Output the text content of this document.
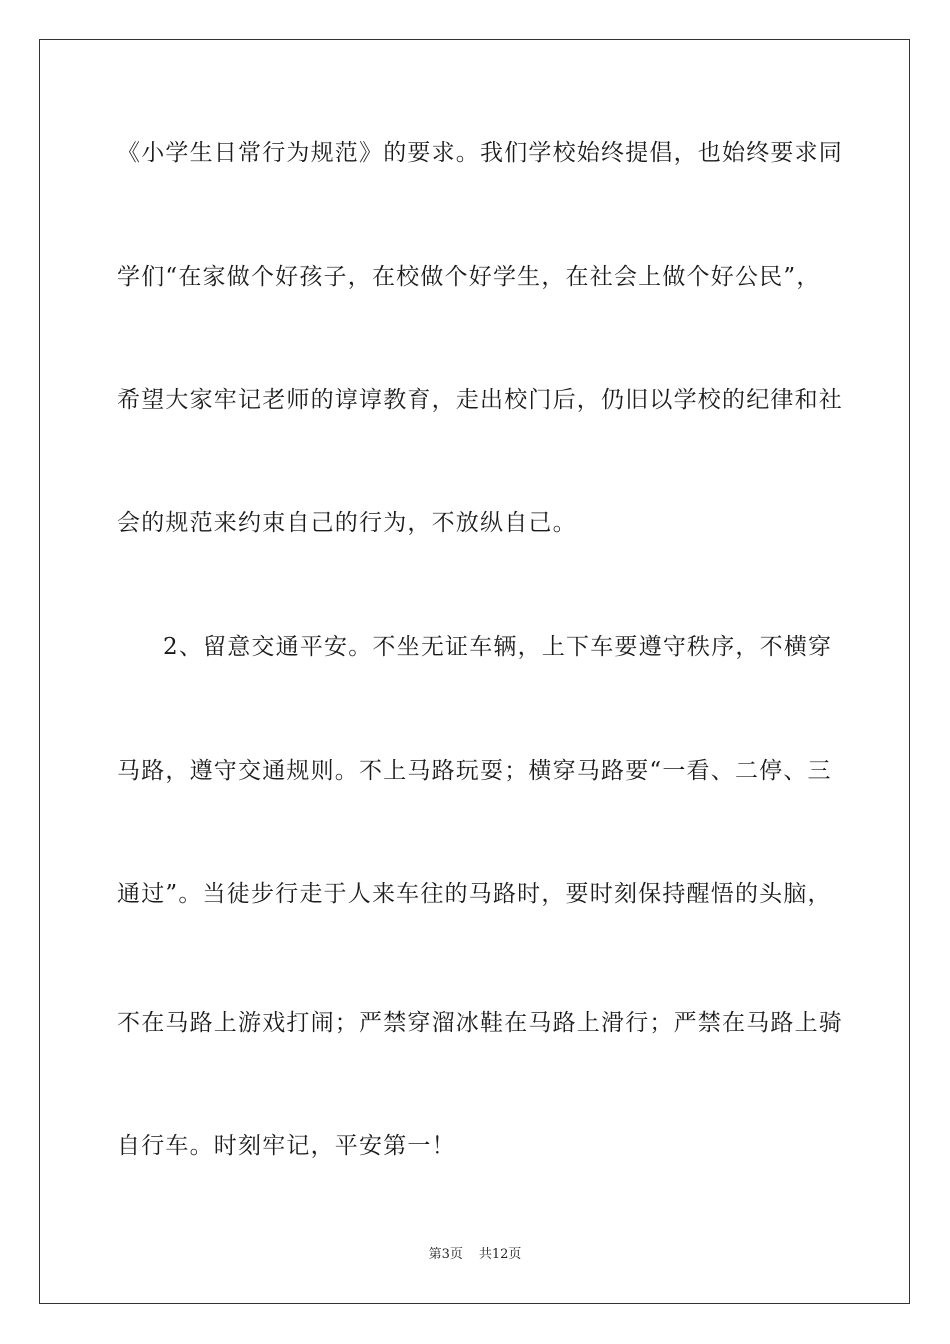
《小学生日常行为规范》的要求。我们学校始终提倡，也始终要求同
学们“在家做个好孩子，在校做个好学生，在社会上做个好公民”，
希望大家牢记老师的谆谆教育，走出校门后，仍旧以学校的纪律和社
会的规范来约束自己的行为，不放纵自己。
2、留意交通平安。不坐无证车辆，上下车要遵守秩序，不横穿
马路，遵守交通规则。不上马路玩耍；横穿马路要“一看、二停、三
通过”。当徒步行走于人来车往的马路时，要时刻保持醒悟的头脑，
不在马路上游戏打闹；严禁穿溜冰鞋在马路上滑行；严禁在马路上骑
自行车。时刻牢记，平安第一！
第3页 共12页
